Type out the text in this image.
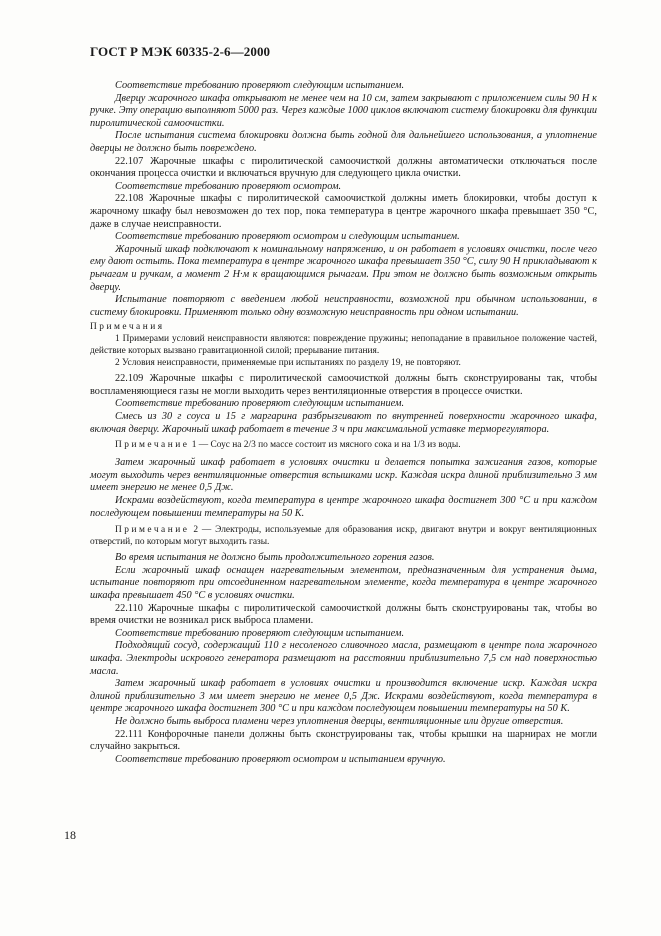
ГОСТ Р МЭК 60335-2-6—2000

Соответствие требованию проверяют следующим испытанием.

Дверцу жарочного шкафа открывают не менее чем на 10 см, затем закрывают с приложением силы 90 Н к ручке. Эту операцию выполняют 5000 раз. Через каждые 1000 циклов включают систему блокировки для функции пиролитической самоочистки.

После испытания система блокировки должна быть годной для дальнейшего использования, а уплотнение дверцы не должно быть повреждено.

22.107 Жарочные шкафы с пиролитической самоочисткой должны автоматически отключаться после окончания процесса очистки и включаться вручную для следующего цикла очистки.

Соответствие требованию проверяют осмотром.

22.108 Жарочные шкафы с пиролитической самоочисткой должны иметь блокировки, чтобы доступ к жарочному шкафу был невозможен до тех пор, пока температура в центре жарочного шкафа превышает 350 °С, даже в случае неисправности.

Соответствие требованию проверяют осмотром и следующим испытанием.

Жарочный шкаф подключают к номинальному напряжению, и он работает в условиях очистки, после чего ему дают остыть. Пока температура в центре жарочного шкафа превышает 350 °С, силу 90 Н прикладывают к рычагам и ручкам, а момент 2 Н·м к вращающимся рычагам. При этом не должно быть возможным открыть дверцу.

Испытание повторяют с введением любой неисправности, возможной при обычном использовании, в систему блокировки. Применяют только одну возможную неисправность при одном испытании.

Примечания
1 Примерами условий неисправности являются: повреждение пружины; непопадание в правильное положение частей, действие которых вызвано гравитационной силой; прерывание питания.
2 Условия неисправности, применяемые при испытаниях по разделу 19, не повторяют.

22.109 Жарочные шкафы с пиролитической самоочисткой должны быть сконструированы так, чтобы воспламеняющиеся газы не могли выходить через вентиляционные отверстия в процессе очистки.

Соответствие требованию проверяют следующим испытанием.

Смесь из 30 г соуса и 15 г маргарина разбрызгивают по внутренней поверхности жарочного шкафа, включая дверцу. Жарочный шкаф работает в течение 3 ч при максимальной уставке терморегулятора.

Примечание 1 — Соус на 2/3 по массе состоит из мясного сока и на 1/3 из воды.

Затем жарочный шкаф работает в условиях очистки и делается попытка зажигания газов, которые могут выходить через вентиляционные отверстия вспышками искр. Каждая искра длиной приблизительно 3 мм имеет энергию не менее 0,5 Дж.

Искрами воздействуют, когда температура в центре жарочного шкафа достигнет 300 °С и при каждом последующем повышении температуры на 50 К.

Примечание 2 — Электроды, используемые для образования искр, двигают внутри и вокруг вентиляционных отверстий, по которым могут выходить газы.

Во время испытания не должно быть продолжительного горения газов.

Если жарочный шкаф оснащен нагревательным элементом, предназначенным для устранения дыма, испытание повторяют при отсоединенном нагревательном элементе, когда температура в центре жарочного шкафа превышает 450 °С в условиях очистки.

22.110 Жарочные шкафы с пиролитической самоочисткой должны быть сконструированы так, чтобы во время очистки не возникал риск выброса пламени.

Соответствие требованию проверяют следующим испытанием.

Подходящий сосуд, содержащий 110 г несоленого сливочного масла, размещают в центре пола жарочного шкафа. Электроды искрового генератора размещают на расстоянии приблизительно 7,5 см над поверхностью масла.

Затем жарочный шкаф работает в условиях очистки и производится включение искр. Каждая искра длиной приблизительно 3 мм имеет энергию не менее 0,5 Дж. Искрами воздействуют, когда температура в центре жарочного шкафа достигнет 300 °С и при каждом последующем повышении температуры на 50 К.

Не должно быть выброса пламени через уплотнения дверцы, вентиляционные или другие отверстия.

22.111 Конфорочные панели должны быть сконструированы так, чтобы крышки на шарнирах не могли случайно закрыться.

Соответствие требованию проверяют осмотром и испытанием вручную.

18
